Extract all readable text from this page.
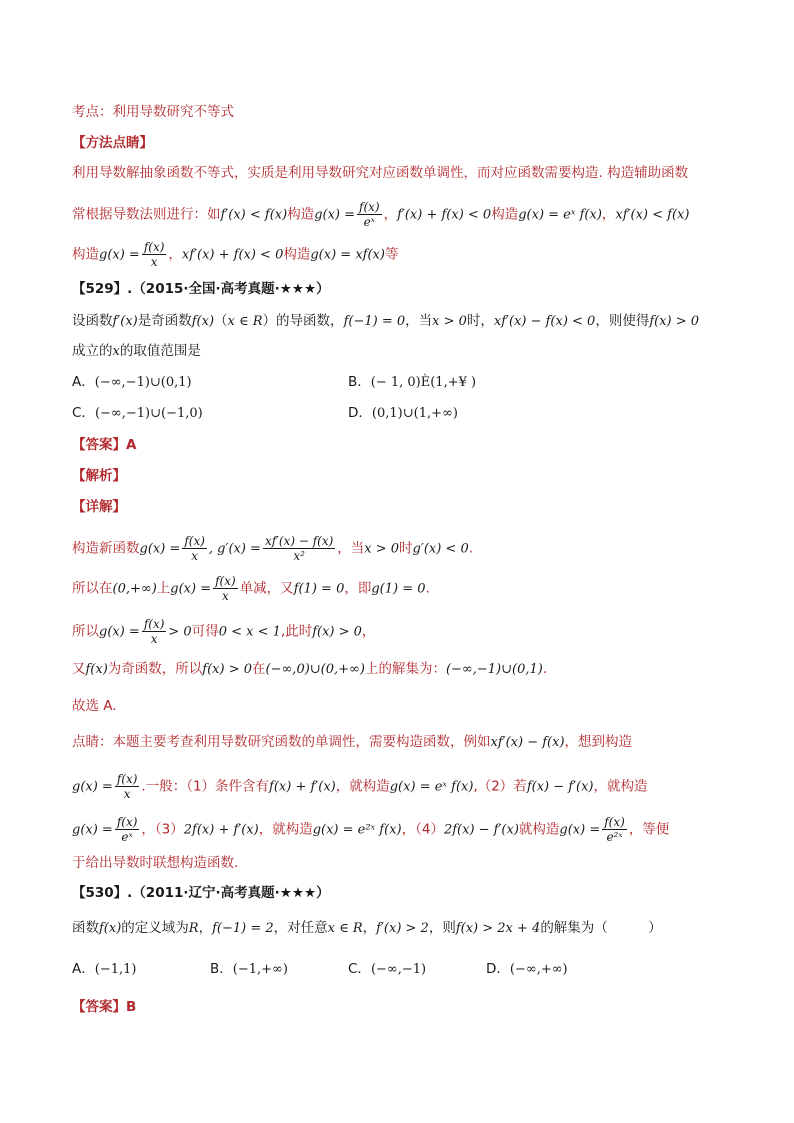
考点：利用导数研究不等式
【方法点睛】
利用导数解抽象函数不等式，实质是利用导数研究对应函数单调性，而对应函数需要构造. 构造辅助函数
常根据导数法则进行：如f′(x) < f(x)构造$g(x) = \frac{f(x)}{\text{eˣ}}$ ，f′(x) + f(x) < 0构造g(x) = eˣ f(x)，xf′(x) < f(x)
构造$g(x) = \frac{f(x)}{x}$ ，xf′(x) + f(x) < 0构造g(x) = xf(x)等
【529】.（2015·全国·高考真题·★★★）
设函数f′(x)是奇函数f(x)（x ∈ R）的导函数，f(−1) = 0，当x > 0时，xf′(x) − f(x) < 0，则使得f(x) > 0
成立的x的取值范围是
A．(−∞,−1)∪(0,1)	B．(− 1, 0)È(1,+¥ )
C．(−∞,−1)∪(−1,0)	D．(0,1)∪(1,+∞)
【答案】A
【解析】
【详解】
构造新函数$g(x) = \frac{f(x)}{x}$ , $g'(x) = \frac{xf'(x) - f(x)}{\text{x²}}$ ，当x > 0时g′(x) < 0.
所以在(0,+∞)上$g(x) = \frac{f(x)}{x}$ 单减，又f(1) = 0，即g(1) = 0.
所以$g(x) = \frac{f(x)}{x} > 0$可得0 < x < 1,此时f(x) > 0，
又f(x)为奇函数，所以f(x) > 0在(−∞,0)∪(0,+∞)上的解集为：(−∞,−1)∪(0,1).
故选 A.
点睛：本题主要考查利用导数研究函数的单调性，需要构造函数，例如xf′(x) − f(x)，想到构造
$g(x) = \frac{f(x)}{x}$ .一般：（1）条件含有f(x) + f′(x)，就构造g(x) = eˣ f(x),（2）若f(x) − f′(x)，就构造
$g(x) = \frac{f(x)}{\text{eˣ}}$ ，（3）2f(x) + f′(x)，就构造g(x) = e²ˣ f(x)，（4）2f(x) − f′(x)就构造$g(x) = \frac{f(x)}{\text{e²ˣ}}$ ，等便
于给出导数时联想构造函数.
【530】.（2011·辽宁·高考真题·★★★）
函数f(x)的定义域为R，f(−1) = 2，对任意x ∈ R，f′(x) > 2，则f(x) > 2x + 4的解集为（　　　）
A．(−1,1)	B．(−1,+∞)	C．(−∞,−1)	D．(−∞,+∞)
【答案】B
